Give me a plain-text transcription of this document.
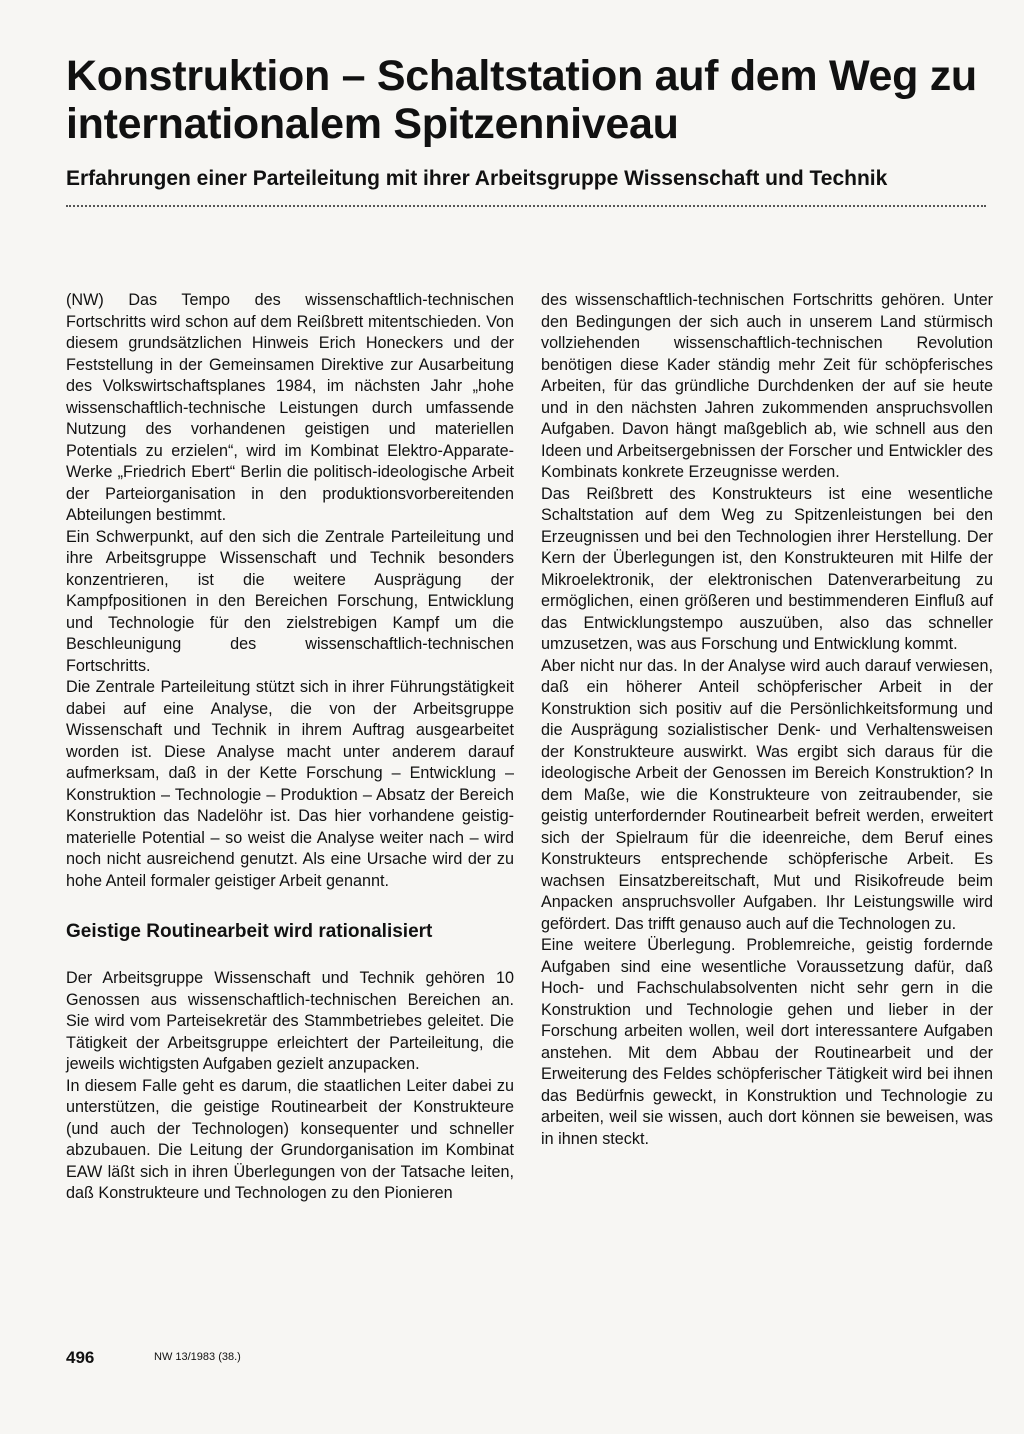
Konstruktion – Schaltstation auf dem Weg zu internationalem Spitzenniveau
Erfahrungen einer Parteileitung mit ihrer Arbeitsgruppe Wissenschaft und Technik

(NW) Das Tempo des wissenschaftlich-technischen Fortschritts wird schon auf dem Reißbrett mitentschieden. Von diesem grundsätzlichen Hinweis Erich Honeckers und der Feststellung in der Gemeinsamen Direktive zur Ausarbeitung des Volkswirtschaftsplanes 1984, im nächsten Jahr „hohe wissenschaftlich-technische Leistungen durch umfassende Nutzung des vorhandenen geistigen und materiellen Potentials zu erzielen“, wird im Kombinat Elektro-Apparate-Werke „Friedrich Ebert“ Berlin die politisch-ideologische Arbeit der Parteiorganisation in den produktionsvorbereitenden Abteilungen bestimmt.

Ein Schwerpunkt, auf den sich die Zentrale Parteileitung und ihre Arbeitsgruppe Wissenschaft und Technik besonders konzentrieren, ist die weitere Ausprägung der Kampfpositionen in den Bereichen Forschung, Entwicklung und Technologie für den zielstrebigen Kampf um die Beschleunigung des wissenschaftlich-technischen Fortschritts.

Die Zentrale Parteileitung stützt sich in ihrer Führungstätigkeit dabei auf eine Analyse, die von der Arbeitsgruppe Wissenschaft und Technik in ihrem Auftrag ausgearbeitet worden ist. Diese Analyse macht unter anderem darauf aufmerksam, daß in der Kette Forschung – Entwicklung – Konstruktion – Technologie – Produktion – Absatz der Bereich Konstruktion das Nadelöhr ist. Das hier vorhandene geistig-materielle Potential – so weist die Analyse weiter nach – wird noch nicht ausreichend genutzt. Als eine Ursache wird der zu hohe Anteil formaler geistiger Arbeit genannt.

Geistige Routinearbeit wird rationalisiert

Der Arbeitsgruppe Wissenschaft und Technik gehören 10 Genossen aus wissenschaftlich-technischen Bereichen an. Sie wird vom Parteisekretär des Stammbetriebes geleitet. Die Tätigkeit der Arbeitsgruppe erleichtert der Parteileitung, die jeweils wichtigsten Aufgaben gezielt anzupacken.

In diesem Falle geht es darum, die staatlichen Leiter dabei zu unterstützen, die geistige Routinearbeit der Konstrukteure (und auch der Technologen) konsequenter und schneller abzubauen. Die Leitung der Grundorganisation im Kombinat EAW läßt sich in ihren Überlegungen von der Tatsache leiten, daß Konstrukteure und Technologen zu den Pionieren

des wissenschaftlich-technischen Fortschritts gehören. Unter den Bedingungen der sich auch in unserem Land stürmisch vollziehenden wissenschaftlich-technischen Revolution benötigen diese Kader ständig mehr Zeit für schöpferisches Arbeiten, für das gründliche Durchdenken der auf sie heute und in den nächsten Jahren zukommenden anspruchsvollen Aufgaben. Davon hängt maßgeblich ab, wie schnell aus den Ideen und Arbeitsergebnissen der Forscher und Entwickler des Kombinats konkrete Erzeugnisse werden.

Das Reißbrett des Konstrukteurs ist eine wesentliche Schaltstation auf dem Weg zu Spitzenleistungen bei den Erzeugnissen und bei den Technologien ihrer Herstellung. Der Kern der Überlegungen ist, den Konstrukteuren mit Hilfe der Mikroelektronik, der elektronischen Datenverarbeitung zu ermöglichen, einen größeren und bestimmenderen Einfluß auf das Entwicklungstempo auszuüben, also das schneller umzusetzen, was aus Forschung und Entwicklung kommt.

Aber nicht nur das. In der Analyse wird auch darauf verwiesen, daß ein höherer Anteil schöpferischer Arbeit in der Konstruktion sich positiv auf die Persönlichkeitsformung und die Ausprägung sozialistischer Denk- und Verhaltensweisen der Konstrukteure auswirkt. Was ergibt sich daraus für die ideologische Arbeit der Genossen im Bereich Konstruktion? In dem Maße, wie die Konstrukteure von zeitraubender, sie geistig unterfordernder Routinearbeit befreit werden, erweitert sich der Spielraum für die ideenreiche, dem Beruf eines Konstrukteurs entsprechende schöpferische Arbeit. Es wachsen Einsatzbereitschaft, Mut und Risikofreude beim Anpacken anspruchsvoller Aufgaben. Ihr Leistungswille wird gefördert. Das trifft genauso auch auf die Technologen zu.

Eine weitere Überlegung. Problemreiche, geistig fordernde Aufgaben sind eine wesentliche Voraussetzung dafür, daß Hoch- und Fachschulabsolventen nicht sehr gern in die Konstruktion und Technologie gehen und lieber in der Forschung arbeiten wollen, weil dort interessantere Aufgaben anstehen. Mit dem Abbau der Routinearbeit und der Erweiterung des Feldes schöpferischer Tätigkeit wird bei ihnen das Bedürfnis geweckt, in Konstruktion und Technologie zu arbeiten, weil sie wissen, auch dort können sie beweisen, was in ihnen steckt.

496	NW 13/1983 (38.)
